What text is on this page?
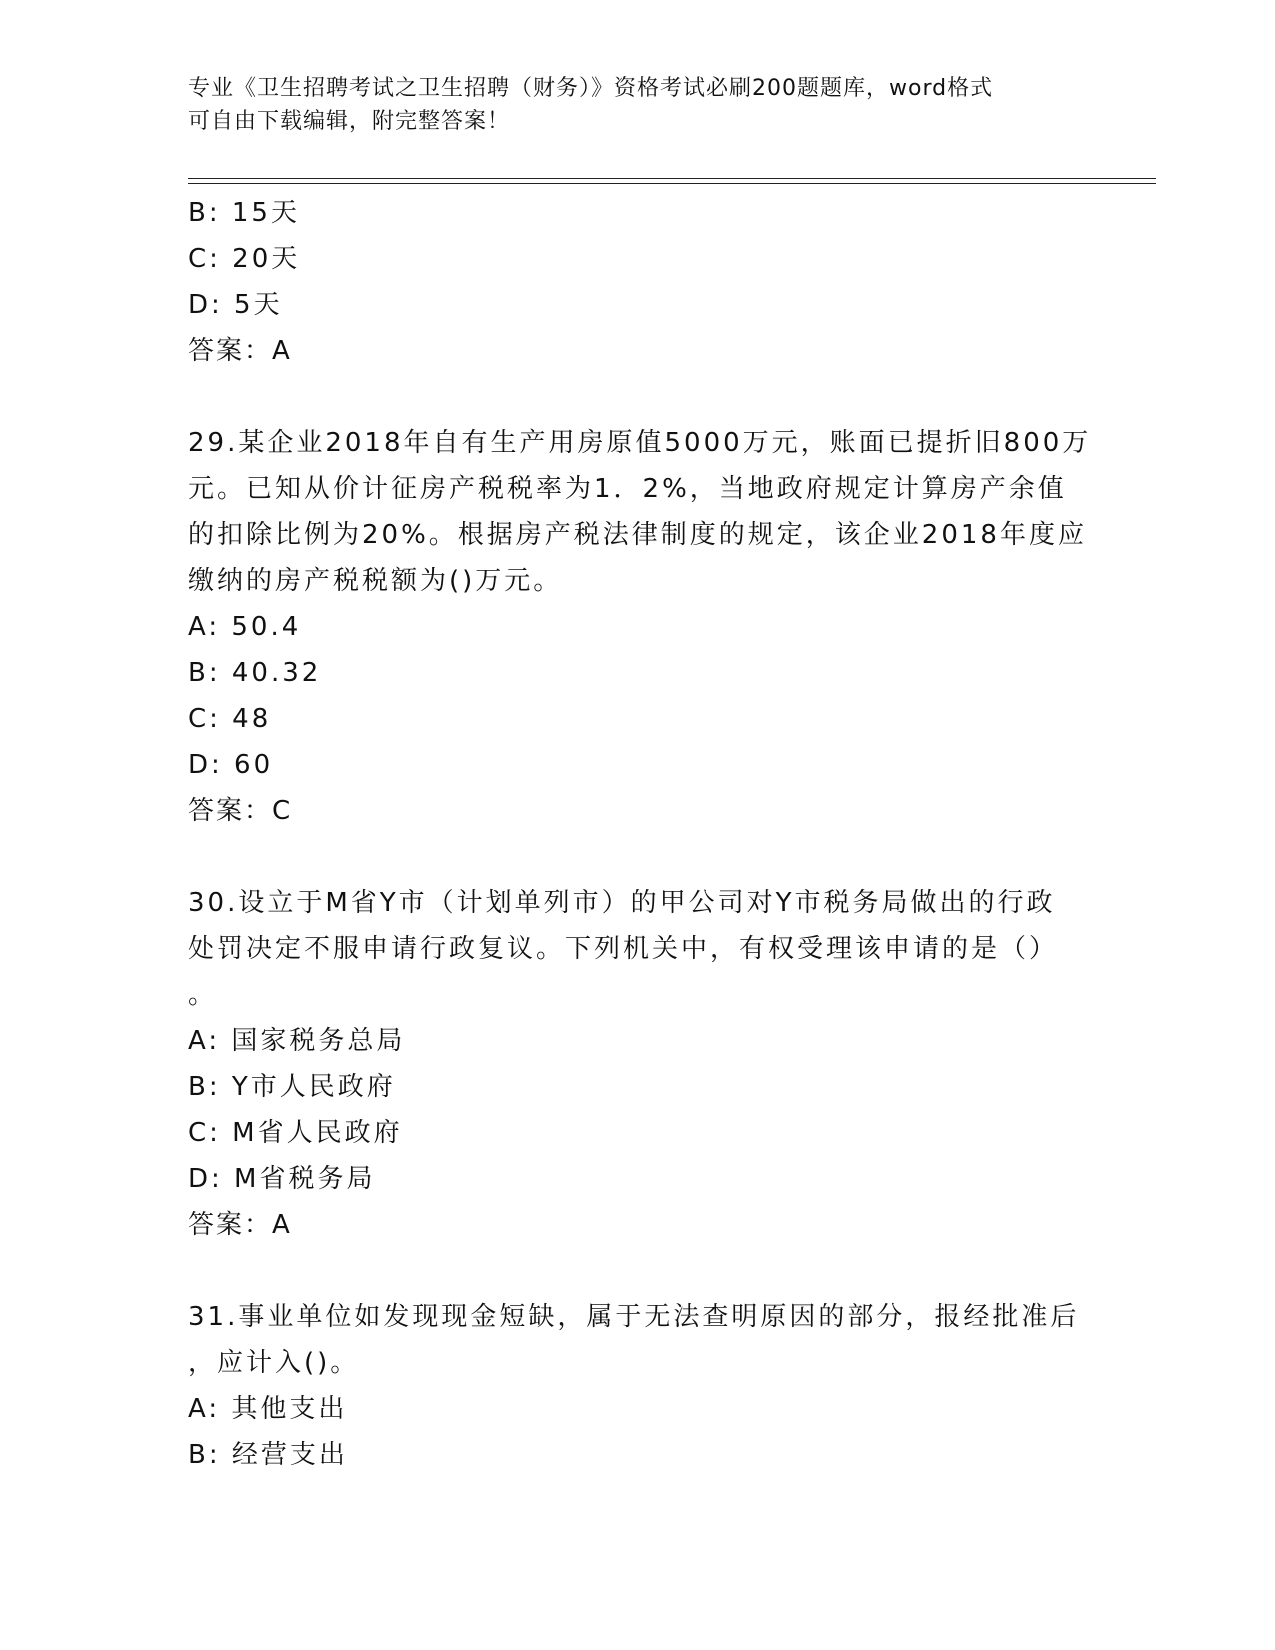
专业《卫生招聘考试之卫生招聘（财务）》资格考试必刷200题题库，word格式
可自由下载编辑，附完整答案！
B: 15天
C: 20天
D: 5天
答案：A
29.某企业2018年自有生产用房原值5000万元，账面已提折旧800万
元。已知从价计征房产税税率为1．2%，当地政府规定计算房产余值
的扣除比例为20%。根据房产税法律制度的规定，该企业2018年度应
缴纳的房产税税额为()万元。
A: 50.4
B: 40.32
C: 48
D: 60
答案：C
30.设立于M省Y市（计划单列市）的甲公司对Y市税务局做出的行政
处罚决定不服申请行政复议。下列机关中，有权受理该申请的是（）
。
A: 国家税务总局
B: Y市人民政府
C: M省人民政府
D: M省税务局
答案：A
31.事业单位如发现现金短缺，属于无法查明原因的部分，报经批准后
，应计入()。
A: 其他支出
B: 经营支出
